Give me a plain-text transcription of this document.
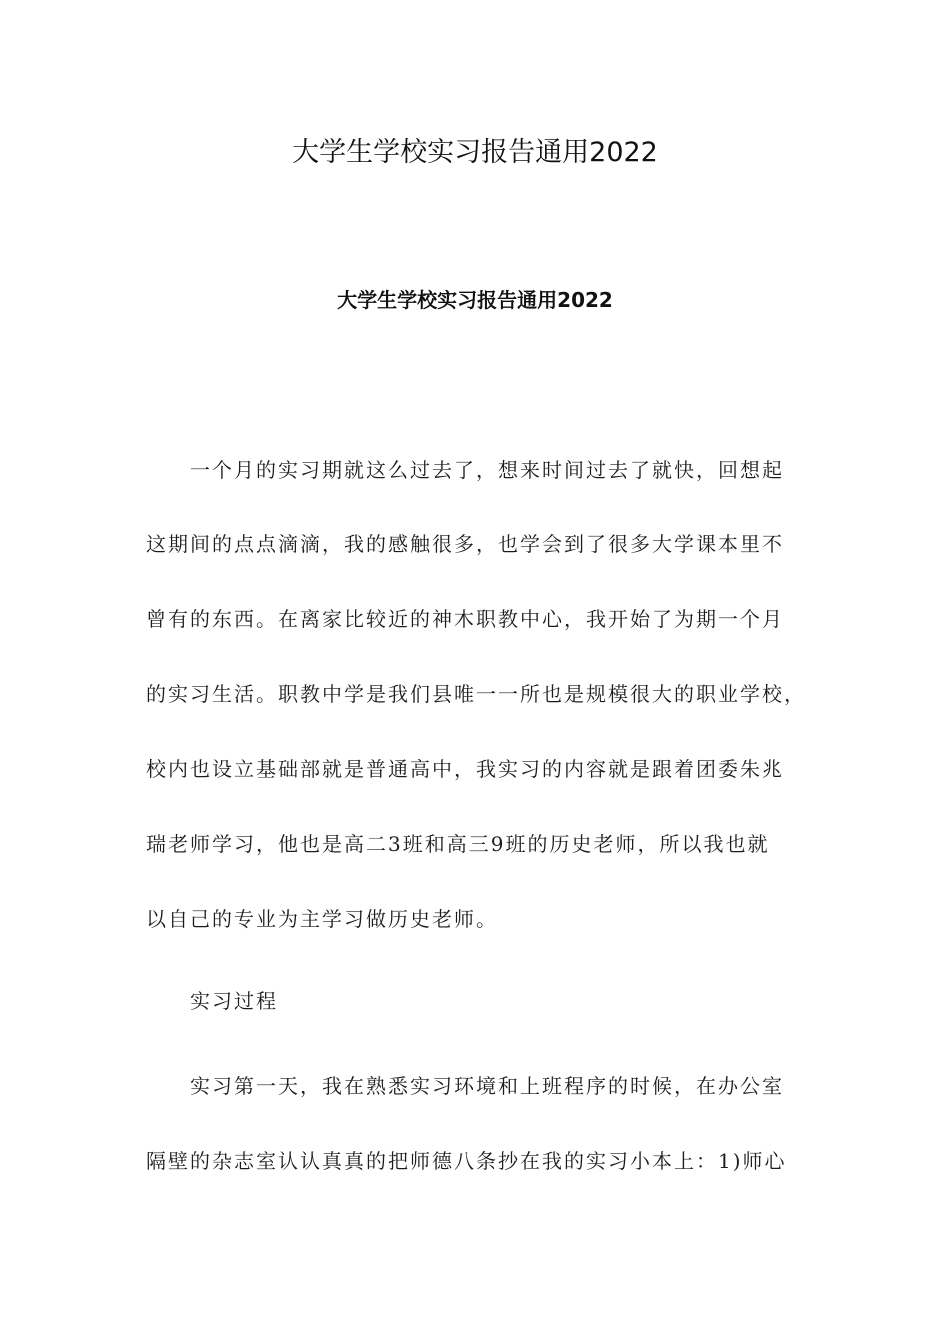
大学生学校实习报告通用2022
大学生学校实习报告通用2022
一个月的实习期就这么过去了，想来时间过去了就快，回想起
这期间的点点滴滴，我的感触很多，也学会到了很多大学课本里不
曾有的东西。在离家比较近的神木职教中心，我开始了为期一个月
的实习生活。职教中学是我们县唯一一所也是规模很大的职业学校，
校内也设立基础部就是普通高中，我实习的内容就是跟着团委朱兆
瑞老师学习，他也是高二3班和高三9班的历史老师，所以我也就
以自己的专业为主学习做历史老师。
实习过程
实习第一天，我在熟悉实习环境和上班程序的时候，在办公室
隔壁的杂志室认认真真的把师德八条抄在我的实习小本上：1)师心
